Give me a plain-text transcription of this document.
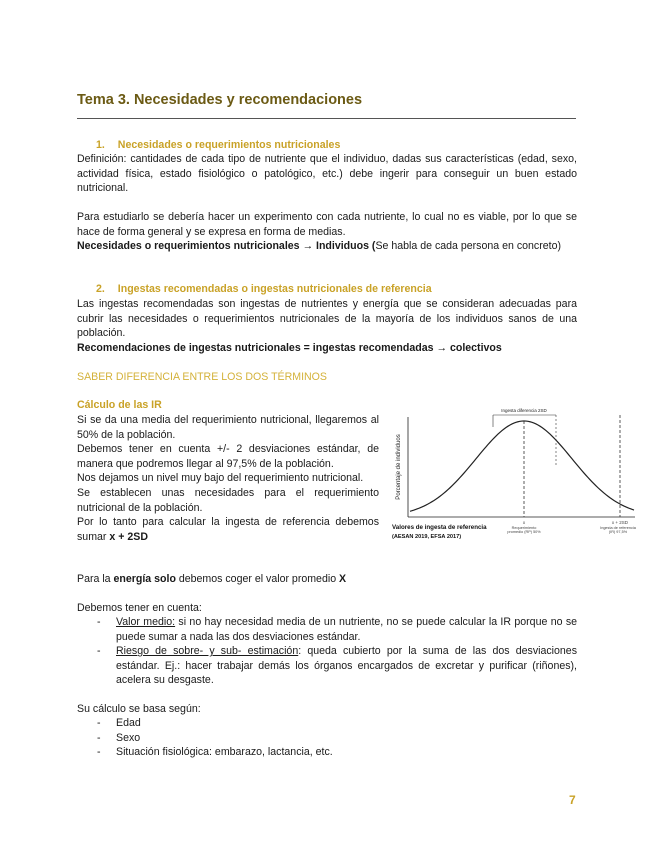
Tema 3. Necesidades y recomendaciones
1. Necesidades o requerimientos nutricionales
Definición: cantidades de cada tipo de nutriente que el individuo, dadas sus características (edad, sexo, actividad física, estado fisiológico o patológico, etc.) debe ingerir para conseguir un buen estado nutricional.
Para estudiarlo se debería hacer un experimento con cada nutriente, lo cual no es viable, por lo que se hace de forma general y se expresa en forma de medias.
Necesidades o requerimientos nutricionales → Individuos (Se habla de cada persona en concreto)
2. Ingestas recomendadas o ingestas nutricionales de referencia
Las ingestas recomendadas son ingestas de nutrientes y energía que se consideran adecuadas para cubrir las necesidades o requerimientos nutricionales de la mayoría de los individuos sanos de una población.
Recomendaciones de ingestas nutricionales = ingestas recomendadas → colectivos
SABER DIFERENCIA ENTRE LOS DOS TÉRMINOS
Cálculo de las IR
Si se da una media del requerimiento nutricional, llegaremos al 50% de la población.
Debemos tener en cuenta +/- 2 desviaciones estándar, de manera que podremos llegar al 97,5% de la población.
Nos dejamos un nivel muy bajo del requerimiento nutricional.
Se establecen unas necesidades para el requerimiento nutricional de la población.
Por lo tanto para calcular la ingesta de referencia debemos sumar x + 2SD
Para la energía solo debemos coger el valor promedio X
Debemos tener en cuenta:
- Valor medio: si no hay necesidad media de un nutriente, no se puede calcular la IR porque no se puede sumar a nada las dos desviaciones estándar.
- Riesgo de sobre- y sub- estimación: queda cubierto por la suma de las dos desviaciones estándar. Ej.: hacer trabajar demás los órganos encargados de excretar y purificar (riñones), acelera su desgaste.
Su cálculo se basa según:
- Edad
- Sexo
- Situación fisiológica: embarazo, lactancia, etc.
7
Ingesta diferencia 2SD
Porcentaje de individuos
x	x + 2SD
Requerimiento promedio (RP) 50%
Ingesta de referencia (IR) 97,5%
Valores de ingesta de referencia
(AESAN 2019, EFSA 2017)
